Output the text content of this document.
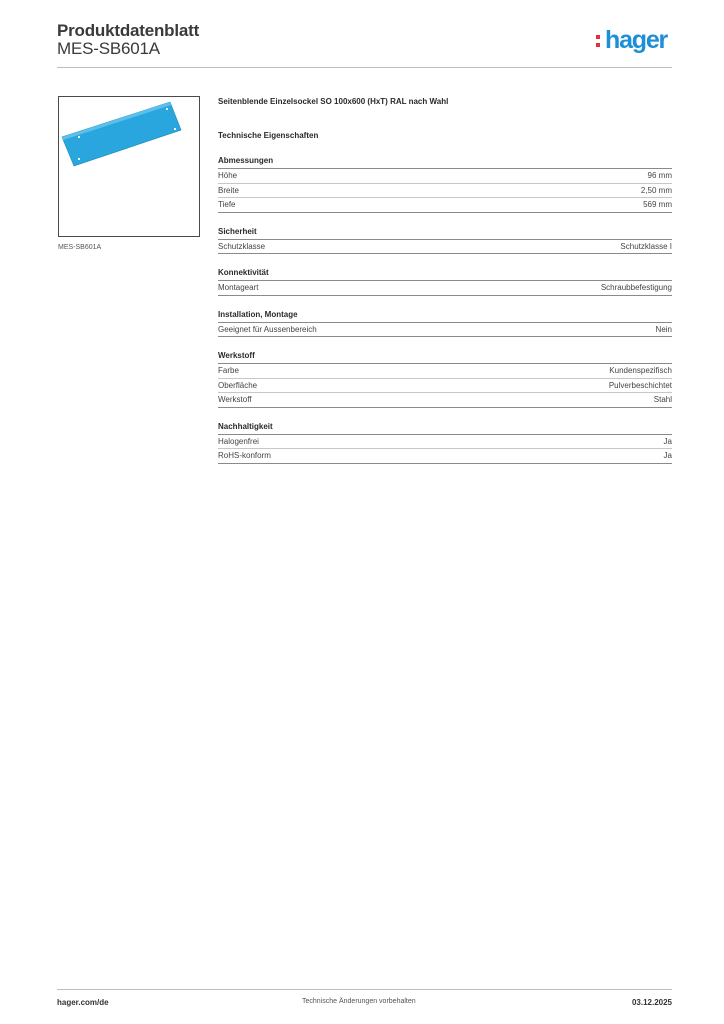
Produktdatenblatt
MES-SB601A	hager
MES-SB601A
Seitenblende Einzelsockel SO 100x600 (HxT) RAL nach Wahl
Technische Eigenschaften
Abmessungen
Höhe	96 mm
Breite	2,50 mm
Tiefe	569 mm
Sicherheit
Schutzklasse	Schutzklasse I
Konnektivität
Montageart	Schraubbefestigung
Installation, Montage
Geeignet für Aussenbereich	Nein
Werkstoff
Farbe	Kundenspezifisch
Oberfläche	Pulverbeschichtet
Werkstoff	Stahl
Nachhaltigkeit
Halogenfrei	Ja
RoHS-konform	Ja
hager.com/de	Technische Änderungen vorbehalten	03.12.2025
